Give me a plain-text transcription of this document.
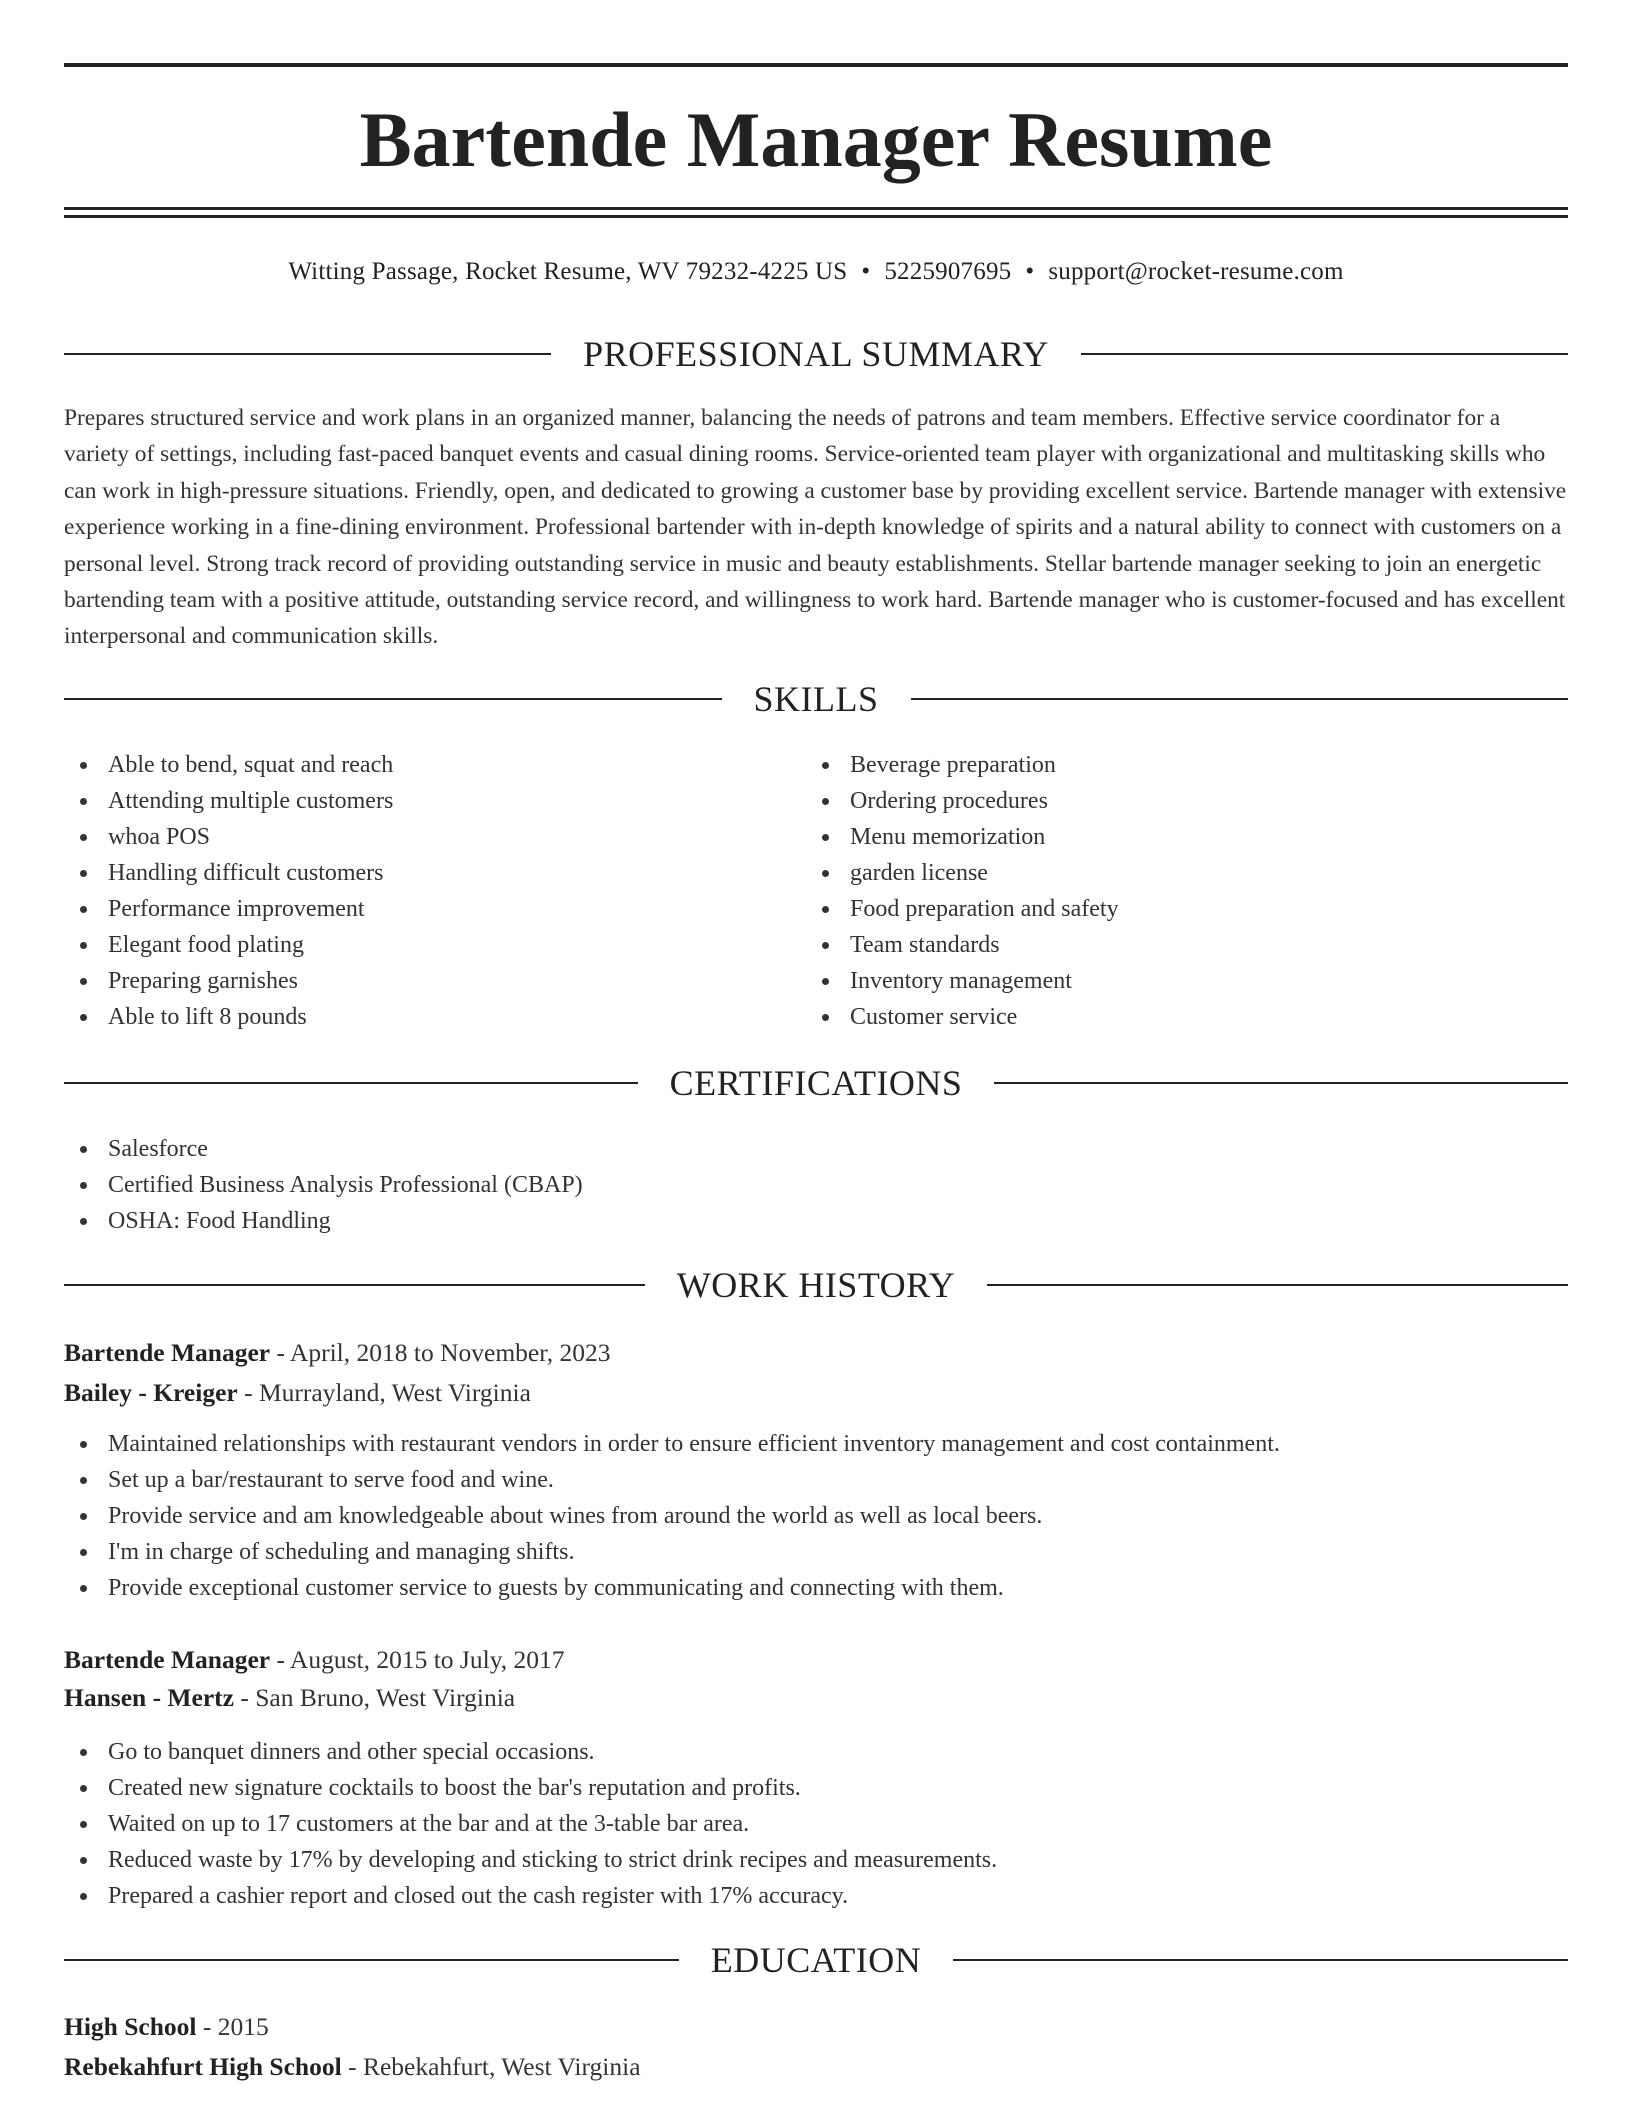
Bartende Manager Resume
Witting Passage, Rocket Resume, WV 79232-4225 US • 5225907695 • support@rocket-resume.com
PROFESSIONAL SUMMARY

Prepares structured service and work plans in an organized manner, balancing the needs of patrons and team members. Effective service coordinator for a variety of settings, including fast-paced banquet events and casual dining rooms. Service-oriented team player with organizational and multitasking skills who can work in high-pressure situations. Friendly, open, and dedicated to growing a customer base by providing excellent service. Bartende manager with extensive experience working in a fine-dining environment. Professional bartender with in-depth knowledge of spirits and a natural ability to connect with customers on a personal level. Strong track record of providing outstanding service in music and beauty establishments. Stellar bartende manager seeking to join an energetic bartending team with a positive attitude, outstanding service record, and willingness to work hard. Bartende manager who is customer-focused and has excellent interpersonal and communication skills.

SKILLS
Able to bend, squat and reach
Attending multiple customers
whoa POS
Handling difficult customers
Performance improvement
Elegant food plating
Preparing garnishes
Able to lift 8 pounds
Beverage preparation
Ordering procedures
Menu memorization
garden license
Food preparation and safety
Team standards
Inventory management
Customer service
CERTIFICATIONS
Salesforce
Certified Business Analysis Professional (CBAP)
OSHA: Food Handling
WORK HISTORY
Bartende Manager - April, 2018 to November, 2023
Bailey - Kreiger - Murrayland, West Virginia
Maintained relationships with restaurant vendors in order to ensure efficient inventory management and cost containment.
Set up a bar/restaurant to serve food and wine.
Provide service and am knowledgeable about wines from around the world as well as local beers.
I'm in charge of scheduling and managing shifts.
Provide exceptional customer service to guests by communicating and connecting with them.
Bartende Manager - August, 2015 to July, 2017
Hansen - Mertz - San Bruno, West Virginia
Go to banquet dinners and other special occasions.
Created new signature cocktails to boost the bar's reputation and profits.
Waited on up to 17 customers at the bar and at the 3-table bar area.
Reduced waste by 17% by developing and sticking to strict drink recipes and measurements.
Prepared a cashier report and closed out the cash register with 17% accuracy.
EDUCATION
High School - 2015
Rebekahfurt High School - Rebekahfurt, West Virginia
